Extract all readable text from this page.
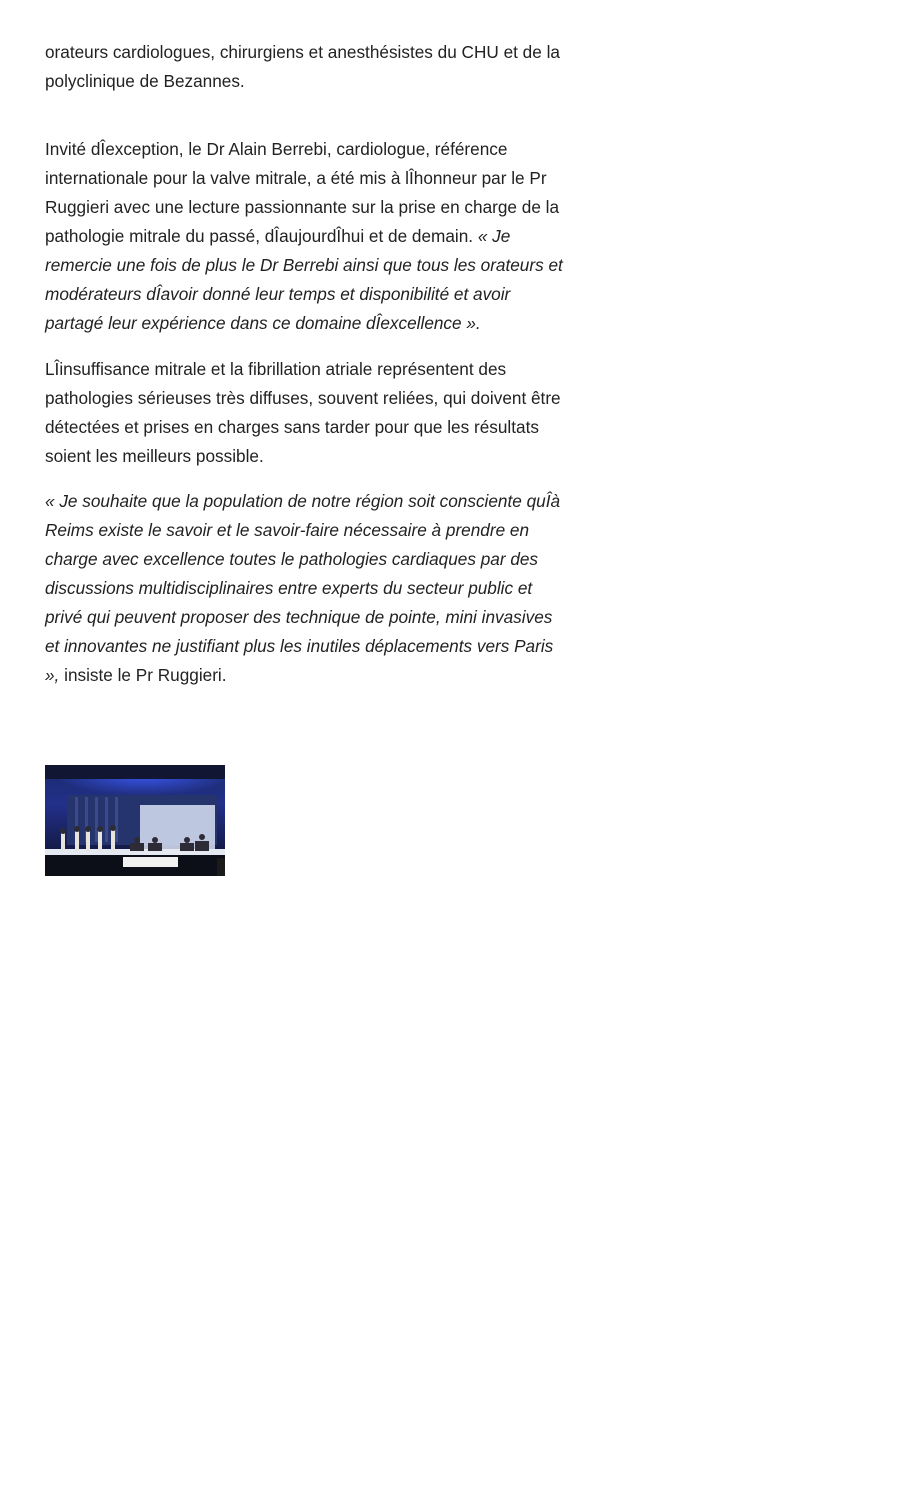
orateurs cardiologues, chirurgiens et anesthésistes du CHU et de la polyclinique de Bezannes.

Invité dÎexception, le Dr Alain Berrebi, cardiologue, référence internationale pour la valve mitrale, a été mis à lÎhonneur par le Pr Ruggieri avec une lecture passionnante sur la prise en charge de la pathologie mitrale du passé, dÎaujourdÎhui et de demain. « Je remercie une fois de plus le Dr Berrebi ainsi que tous les orateurs et modérateurs dÎavoir donné leur temps et disponibilité et avoir partagé leur expérience dans ce domaine dÎexcellence ».

LÎinsuffisance mitrale et la fibrillation atriale représentent des pathologies sérieuses très diffuses, souvent reliées, qui doivent être détectées et prises en charges sans tarder pour que les résultats soient les meilleurs possible.

« Je souhaite que la population de notre région soit consciente quÎà Reims existe le savoir et le savoir-faire nécessaire à prendre en charge avec excellence toutes le pathologies cardiaques par des discussions multidisciplinaires entre experts du secteur public et privé qui peuvent proposer des technique de pointe, mini invasives et innovantes ne justifiant plus les inutiles déplacements vers Paris », insiste le Pr Ruggieri.
